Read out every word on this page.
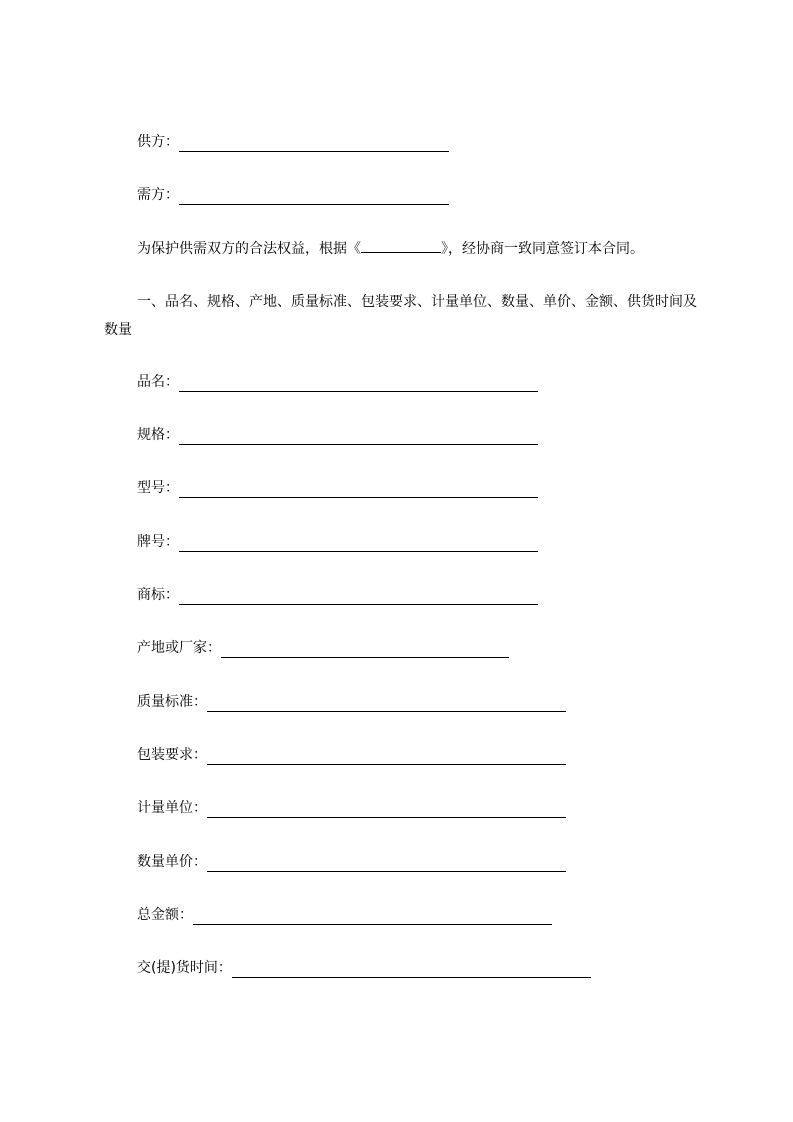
供方：
需方：
为保护供需双方的合法权益，根据《	》，经协商一致同意签订本合同。
一、品名、规格、产地、质量标准、包装要求、计量单位、数量、单价、金额、供货时间及数量
品名：
规格：
型号：
牌号：
商标：
产地或厂家：
质量标准：
包装要求：
计量单位：
数量单价：
总金额：
交(提)货时间：
